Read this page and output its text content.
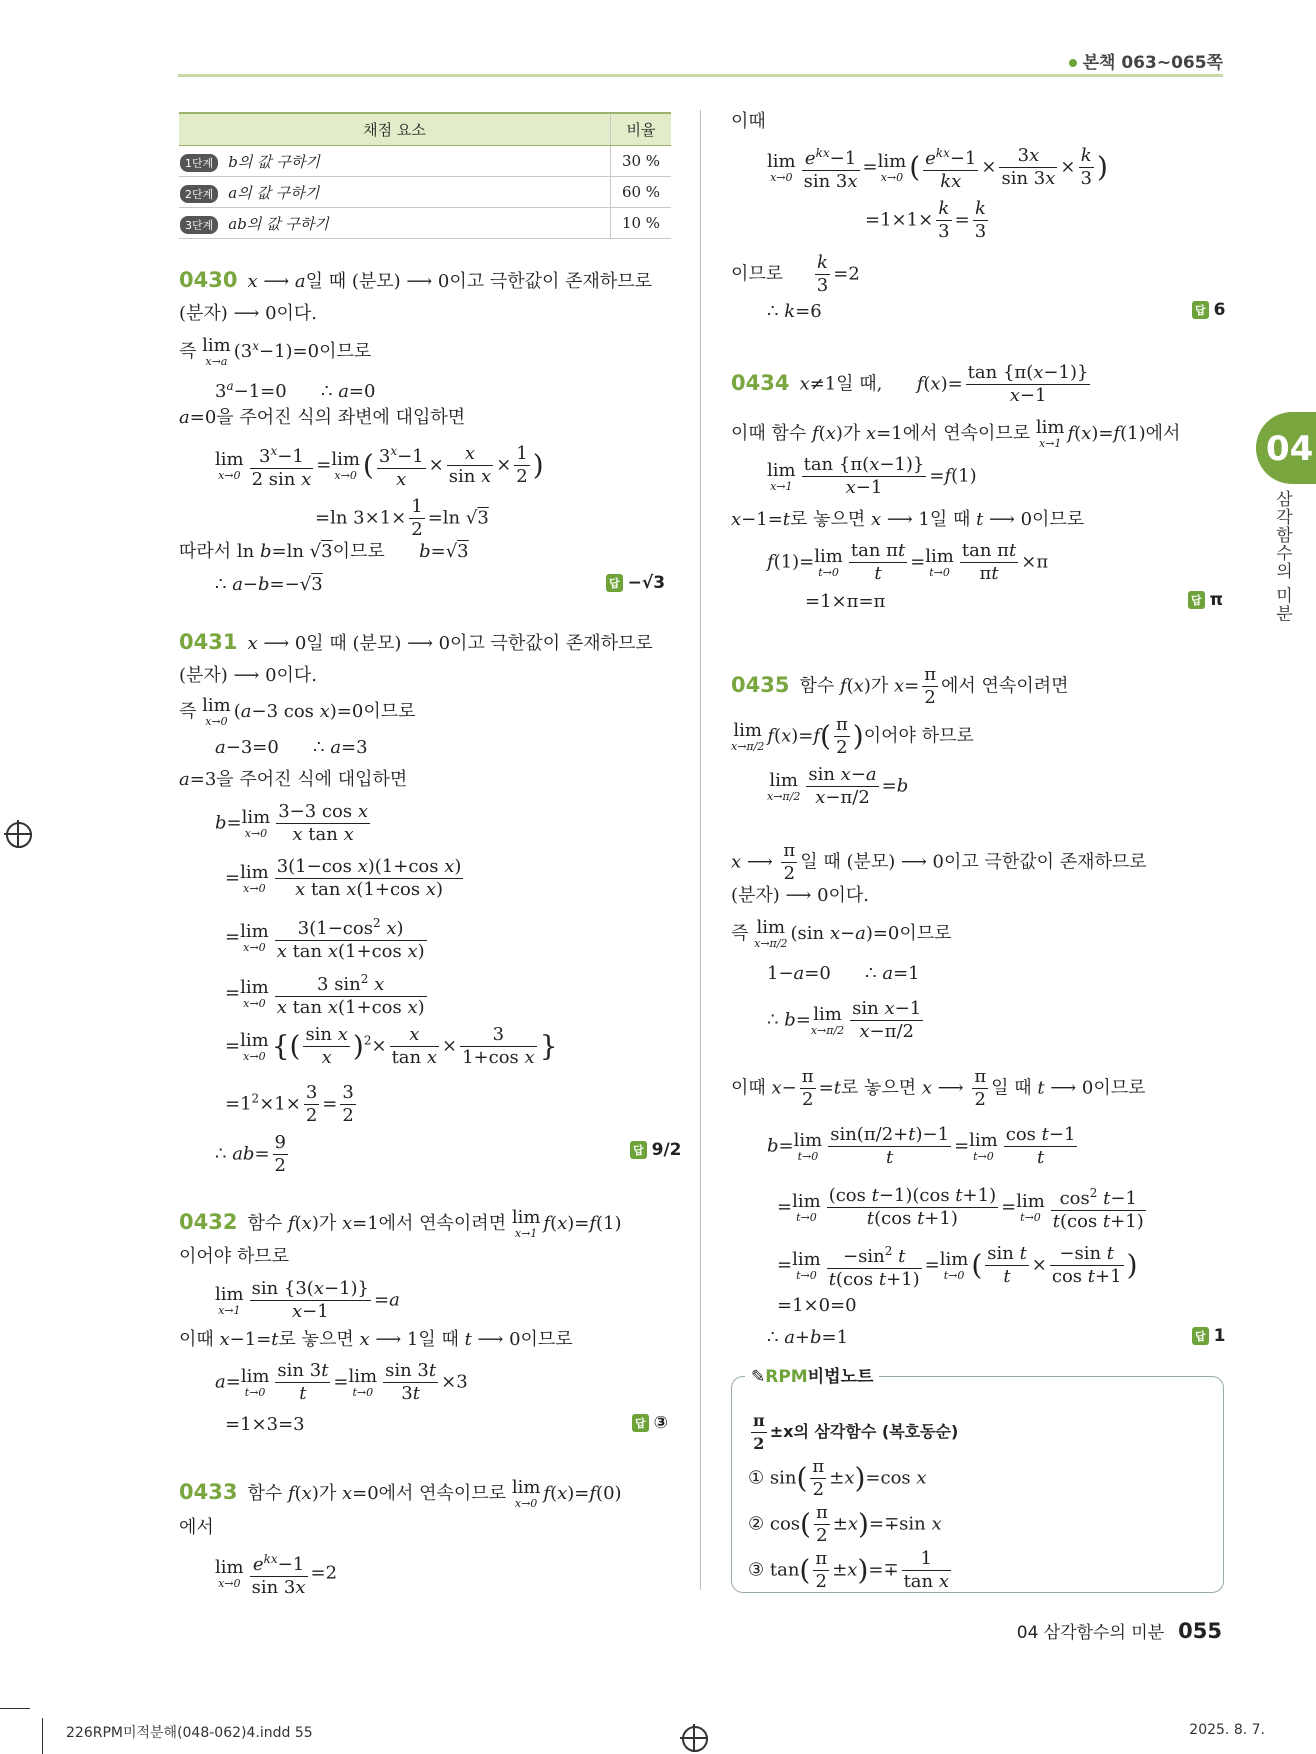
본책 063~065쪽
채점 요소	비율
1단계 b의 값 구하기	30 %
2단계 a의 값 구하기	60 %
3단계 ab의 값 구하기	10 %
0430 x ⟶ a일 때 (분모) ⟶ 0이고 극한값이 존재하므로
(분자) ⟶ 0이다.
즉 lim
x→a $(3^x-1)=0$이므로
$3^a-1=0$      ∴ a=0
a=0을 주어진 식의 좌변에 대입하면
lim
$x\to 0 \frac{3^x-1}{\text{2 sin x}} = \lim$
x→0 ( $\frac{3^x-1}{x} \times \frac{x}{\text{sin x}} \times \frac{1}{2}$ )
=ln $3\times 1\times \frac{1}{2} =\ln$ √3
따라서 ln b=ln √3이므로      b=√3
∴ a−b=−√3	답 −√3
0431 x ⟶ 0일 때 (분모) ⟶ 0이고 극한값이 존재하므로
(분자) ⟶ 0이다.
즉 lim
x→0 (a−3 cos x)=0이므로
a−3=0      ∴ a=3
a=3을 주어진 식에 대입하면
b= lim
$x\to 0 \frac{\text{3−3 cos x}}{\text{x tan x}}$
= lim
$x\to 0 \frac{\text{3(1−cos x)(1+cos x)}}{\text{x tan x(1+cos x)}}$
= lim
$x\to 0 \frac{3(1-\cos^2 x)}{\text{x tan x(1+cos x)}}$
= lim
$x\to 0 \frac{3 \sin^2 x}{\text{x tan x(1+cos x)}}$
= lim
x→0 {( $\frac{\text{sin x}}{x} )^2\times \frac{x}{\text{tan x}} \times \frac{3}{\text{1+cos x}}$ }
$=1^2\times 1\times \frac{3}{2} = \frac{3}{2}$
∴ $ab= \frac{9}{2}$	답 9/2
0432 함수 f(x)가 x=1에서 연속이려면 lim
x→1 f(x)=f(1)
이어야 하므로
lim
$x\to 1 \frac{\sin \{3(x-1)\}}{x-1} =a$
이때 x−1=t로 놓으면 x ⟶ 1일 때 t ⟶ 0이므로
a= lim
$t\to 0 \frac{\sin 3t}{t} = \lim$
$t\to 0 \frac{\sin 3t}{3t} \times 3$
=1×3=3	답 ③
0433 함수 f(x)가 x=0에서 연속이므로 lim
x→0 f(x)=f(0)
에서
lim
$x\to 0 \frac{e^{kx}-1}{\sin 3x} =2$
이때
lim
$x\to 0 \frac{e^{kx}-1}{\sin 3x} = \lim$
x→0 ( $\frac{e^{kx}-1}{kx} \times \frac{3x}{\sin 3x} \times \frac{k}{3}$ )
$=1\times 1\times \frac{k}{3} = \frac{k}{3}$
이므로 $\frac{k}{3} =2$
∴ k=6	답 6
0434 x≠1일 때,      $f(x)= \frac{\tan \{\pi(x-1)\}}{x-1}$
이때 함수 f(x)가 x=1에서 연속이므로 lim
x→1 f(x)=f(1)에서
lim
$x\to 1 \frac{\tan \{\pi(x-1)\}}{x-1} =f(1)$
x−1=t로 놓으면 x ⟶ 1일 때 t ⟶ 0이므로
f(1)= lim
$t\to 0 \frac{\text{tan πt}}{t} = \lim$
$t\to 0 \frac{\text{tan πt}}{\pi t} \times\pi$
=1×π=π	답 π
0435 함수 f(x)가 $x= \frac{\pi}{2}$ 에서 연속이려면
lim
x→π/2 $f(x)=f( \frac{\pi}{2}$ )이어야 하므로
lim
$x\to\pi/2 \frac{\text{sin x−a}}{x-\pi/2} =b$
x ⟶ $\frac{\pi}{2}$ 일 때 (분모) ⟶ 0이고 극한값이 존재하므로
(분자) ⟶ 0이다.
즉 lim
x→π/2 (sin x−a)=0이므로
1−a=0      ∴ a=1
∴ b= lim
$x\to\pi/2 \frac{\text{sin x−1}}{x-\pi/2}$
이때 $x- \frac{\pi}{2} =t$로 놓으면 x ⟶ $\frac{\pi}{2}$ 일 때 t ⟶ 0이므로
b= lim
$t\to 0 \frac{\sin(\pi/2+t)-1}{t} = \lim$
$t\to 0 \frac{\text{cos t−1}}{t}$
= lim
$t\to 0 \frac{\text{(cos t−1)(cos t+1)}}{\text{t(cos t+1)}} = \lim$
$t\to 0 \frac{\cos^2 t-1}{\text{t(cos t+1)}}$
= lim
$t\to 0 \frac{-\sin^2 t}{\text{t(cos t+1)}} = \lim$
t→0 ( $\frac{\text{sin t}}{t} \times \frac{\text{−sin t}}{\text{cos t+1}}$ )
=1×0=0
∴ a+b=1	답 1
✎RPM비법노트
$\frac{\pi}{2} \pm x$의 삼각함수 (복호동순)
① $\sin( \frac{\pi}{2} \pm x)=\cos$ x
② $\cos( \frac{\pi}{2} \pm x)=\mp\sin$ x
③ $\tan( \frac{\pi}{2} \pm x)=\mp \frac{1}{\text{tan x}}$
04
삼각함수의 미분
04 삼각함수의 미분 055
226RPM미적분해(048-062)4.indd 55	2025. 8. 7.
